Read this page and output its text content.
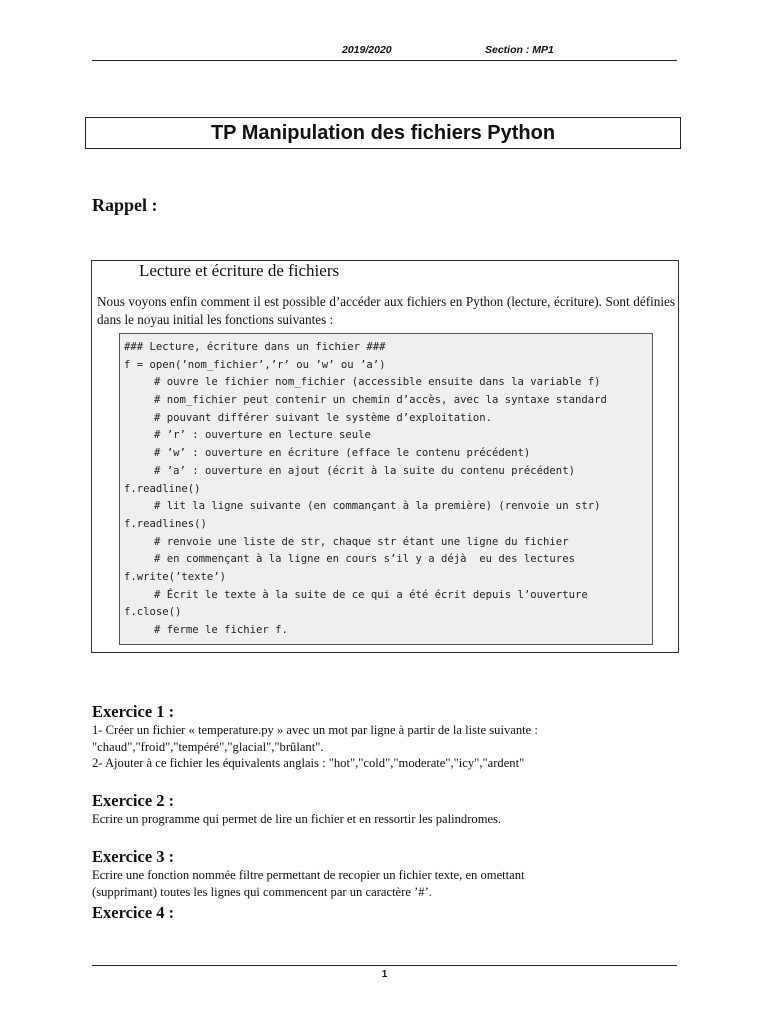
2019/2020	Section : MP1
TP Manipulation des fichiers Python
Rappel :
Lecture et écriture de fichiers
Nous voyons enfin comment il est possible d’accéder aux fichiers en Python (lecture, écriture). Sont définies dans le noyau initial les fonctions suivantes :
### Lecture, écriture dans un fichier ###
f = open(’nom_fichier’,’r’ ou ’w’ ou ’a’)
# ouvre le fichier nom_fichier (accessible ensuite dans la variable f)
# nom_fichier peut contenir un chemin d’accès, avec la syntaxe standard
# pouvant différer suivant le système d’exploitation.
# ’r’ : ouverture en lecture seule
# ’w’ : ouverture en écriture (efface le contenu précédent)
# ’a’ : ouverture en ajout (écrit à la suite du contenu précédent)
f.readline()
# lit la ligne suivante (en commançant à la première) (renvoie un str)
f.readlines()
# renvoie une liste de str, chaque str étant une ligne du fichier
# en commençant à la ligne en cours s’il y a déjà  eu des lectures
f.write(’texte’)
# Écrit le texte à la suite de ce qui a été écrit depuis l’ouverture
f.close()
# ferme le fichier f.
Exercice 1 :
1- Créer un fichier « temperature.py » avec un mot par ligne à partir de la liste suivante :
"chaud","froid","tempéré","glacial","brûlant".
2- Ajouter à ce fichier les équivalents anglais : "hot","cold","moderate","icy","ardent"
Exercice 2 :
Ecrire un programme qui permet de lire un fichier et en ressortir les palindromes.
Exercice 3 :
Ecrire une fonction nommée filtre permettant de recopier un fichier texte, en omettant
(supprimant) toutes les lignes qui commencent par un caractère ’#’.
Exercice 4 :
1
